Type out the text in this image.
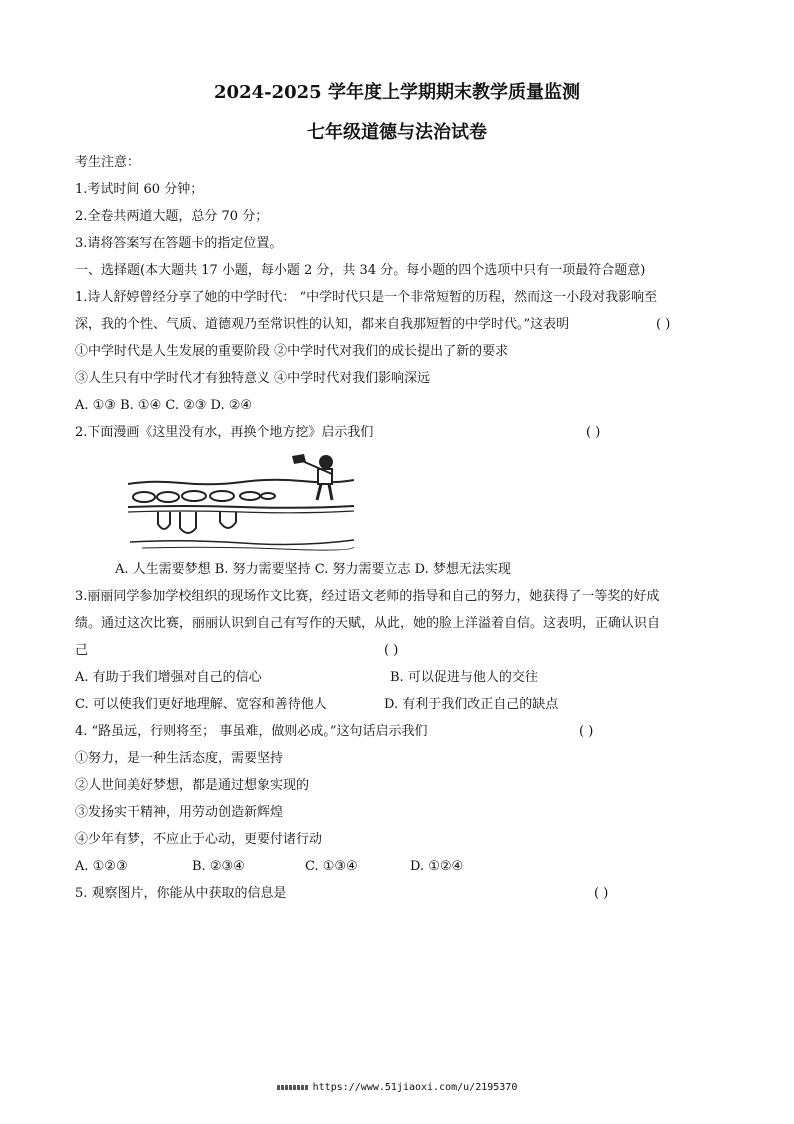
2024-2025 学年度上学期期末教学质量监测
七年级道德与法治试卷
考生注意：
1.考试时间 60 分钟；
2.全卷共两道大题，总分 70 分；
3.请将答案写在答题卡的指定位置。
一、选择题(本大题共 17 小题，每小题 2 分，共 34 分。每小题的四个选项中只有一项最符合题意)
1.诗人舒婷曾经分享了她的中学时代： “中学时代只是一个非常短暂的历程，然而这一小段对我影响至
深，我的个性、气质、道德观乃至常识性的认知，都来自我那短暂的中学时代。”这表明	( )
①中学时代是人生发展的重要阶段 ②中学时代对我们的成长提出了新的要求
③人生只有中学时代才有独特意义 ④中学时代对我们影响深远
A. ①③ B. ①④ C. ②③ D. ②④
2.下面漫画《这里没有水，再换个地方挖》启示我们	( )
A. 人生需要梦想 B. 努力需要坚持 C. 努力需要立志 D. 梦想无法实现
3.丽丽同学参加学校组织的现场作文比赛，经过语文老师的指导和自己的努力，她获得了一等奖的好成
绩。通过这次比赛，丽丽认识到自己有写作的天赋，从此，她的脸上洋溢着自信。这表明，正确认识自
己	( )
A. 有助于我们增强对自己的信心	B. 可以促进与他人的交往
C. 可以使我们更好地理解、宽容和善待他人	D. 有利于我们改正自己的缺点
4. “路虽远，行则将至； 事虽难，做则必成。”这句话启示我们	( )
①努力，是一种生活态度，需要坚持
②人世间美好梦想，都是通过想象实现的
③发扬实干精神，用劳动创造新辉煌
④少年有梦，不应止于心动，更要付诸行动
A. ①②③	B. ②③④	C. ①③④	D. ①②④
5. 观察图片，你能从中获取的信息是	( )
https://www.51jiaoxi.com/u/2195370
